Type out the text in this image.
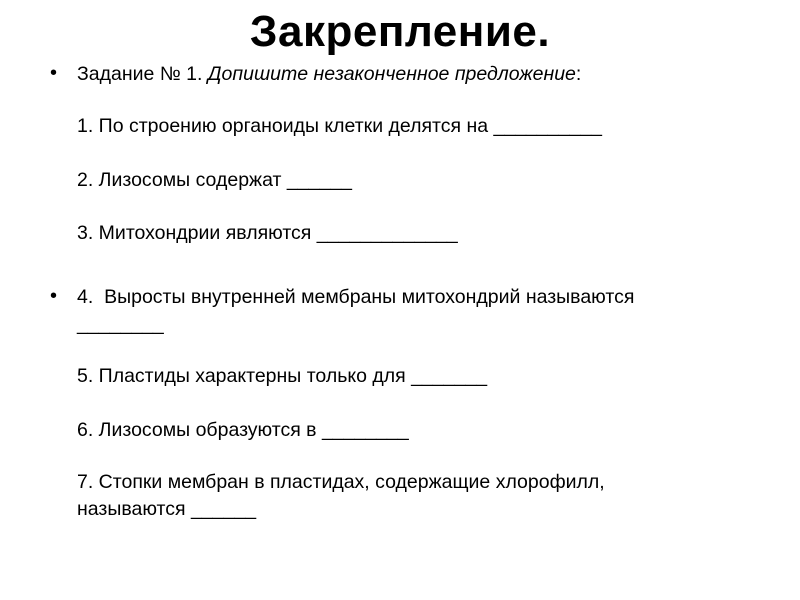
Закрепление.
• Задание № 1. Допишите незаконченное предложение:
1. По строению органоиды клетки делятся на __________
2. Лизосомы содержат ______
3. Митохондрии являются _____________
• 4.  Выросты внутренней мембраны митохондрий называются
________
5. Пластиды характерны только для _______
6. Лизосомы образуются в ________
7. Стопки мембран в пластидах, содержащие хлорофилл,
называются ______
